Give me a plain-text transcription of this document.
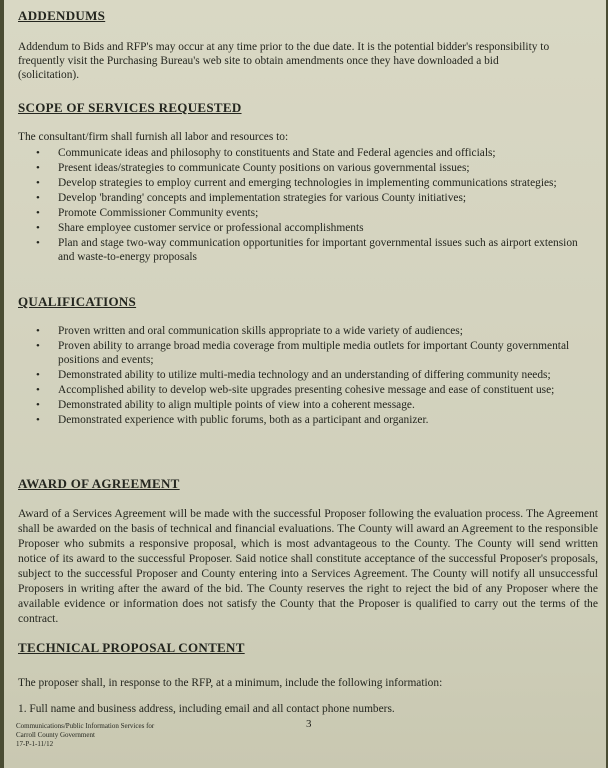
ADDENDUMS
Addendum to Bids and RFP's may occur at any time prior to the due date. It is the potential bidder's responsibility to frequently visit the Purchasing Bureau's web site to obtain amendments once they have downloaded a bid (solicitation).
SCOPE OF SERVICES REQUESTED
The consultant/firm shall furnish all labor and resources to:
• Communicate ideas and philosophy to constituents and State and Federal agencies and officials;
• Present ideas/strategies to communicate County positions on various governmental issues;
• Develop strategies to employ current and emerging technologies in implementing communications strategies;
• Develop 'branding' concepts and implementation strategies for various County initiatives;
• Promote Commissioner Community events;
• Share employee customer service or professional accomplishments
• Plan and stage two-way communication opportunities for important governmental issues such as airport extension and waste-to-energy proposals
QUALIFICATIONS
• Proven written and oral communication skills appropriate to a wide variety of audiences;
• Proven ability to arrange broad media coverage from multiple media outlets for important County governmental positions and events;
• Demonstrated ability to utilize multi-media technology and an understanding of differing community needs;
• Accomplished ability to develop web-site upgrades presenting cohesive message and ease of constituent use;
• Demonstrated ability to align multiple points of view into a coherent message.
• Demonstrated experience with public forums, both as a participant and organizer.
AWARD OF AGREEMENT
Award of a Services Agreement will be made with the successful Proposer following the evaluation process. The Agreement shall be awarded on the basis of technical and financial evaluations. The County will award an Agreement to the responsible Proposer who submits a responsive proposal, which is most advantageous to the County. The County will send written notice of its award to the successful Proposer. Said notice shall constitute acceptance of the successful Proposer's proposals, subject to the successful Proposer and County entering into a Services Agreement. The County will notify all unsuccessful Proposers in writing after the award of the bid. The County reserves the right to reject the bid of any Proposer where the available evidence or information does not satisfy the County that the Proposer is qualified to carry out the terms of the contract.
TECHNICAL PROPOSAL CONTENT
The proposer shall, in response to the RFP, at a minimum, include the following information:
1. Full name and business address, including email and all contact phone numbers.
Communications/Public Information Services for
Carroll County Government
17-P-1-11/12
3
